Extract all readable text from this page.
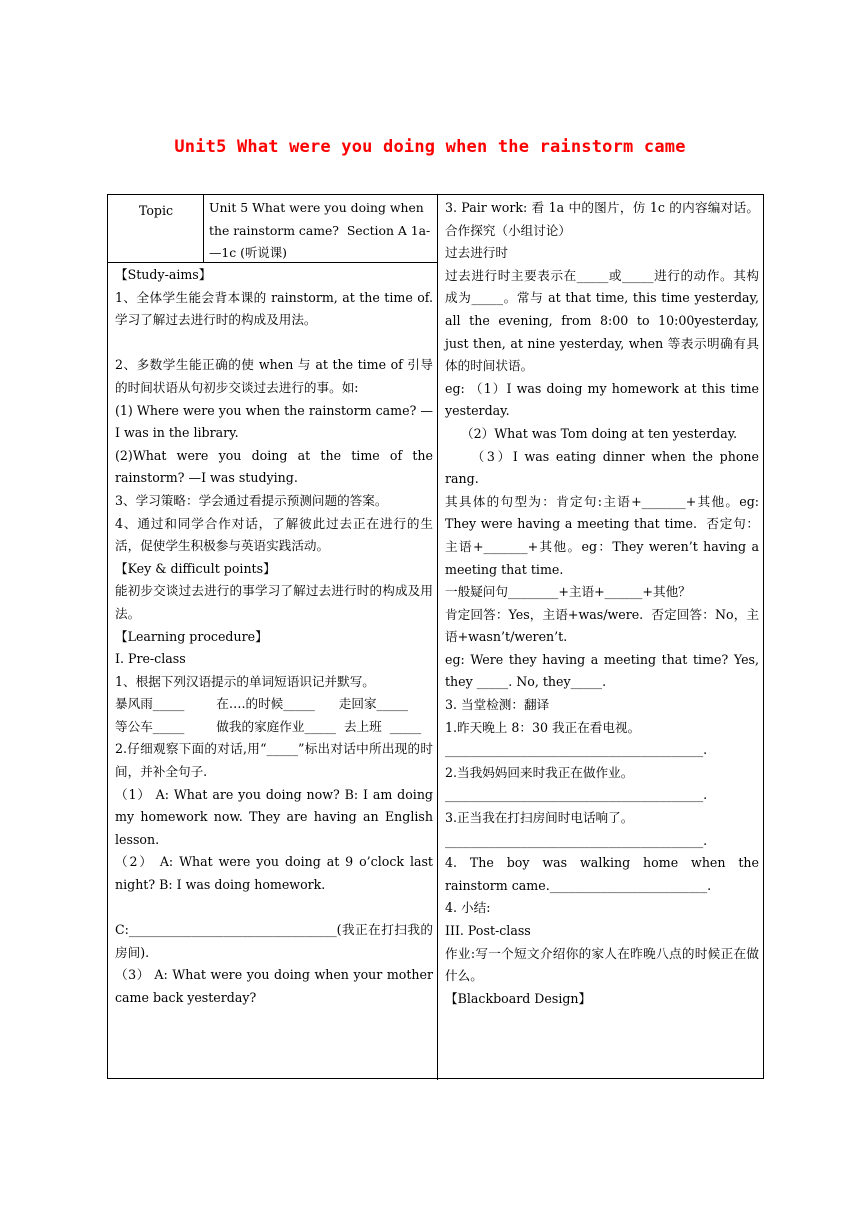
Unit5 What were you doing when the rainstorm came

Topic	Unit 5 What were you doing when the rainstorm came?  Section A 1a-—1c (听说课)

【Study-aims】

1、全体学生能会背本课的 rainstorm, at the time of.学习了解过去进行时的构成及用法。

2、多数学生能正确的使 when 与 at the time of 引导的时间状语从句初步交谈过去进行的事。如:

(1) Where were you when the rainstorm came? —I was in the library.

(2)What were you doing at the time of the rainstorm? —I was studying.

3、学习策略：学会通过看提示预测问题的答案。

4、通过和同学合作对话，了解彼此过去正在进行的生活，促使学生积极参与英语实践活动。

【Key & difficult points】

能初步交谈过去进行的事学习了解过去进行时的构成及用法。

【Learning procedure】

I. Pre-class

1、根据下列汉语提示的单词短语识记并默写。

暴风雨_____        在….的时候_____      走回家_____

等公车_____        做我的家庭作业_____  去上班  _____

2.仔细观察下面的对话,用“_____”标出对话中所出现的时间，并补全句子.

（1） A: What are you doing now? B: I am doing my homework now. They are having an English lesson.

（2） A: What were you doing at 9 o’clock last night? B: I was doing homework.

C:_________________________________(我正在打扫我的房间).

（3） A: What were you doing when your mother came back yesterday?

3. Pair work: 看 1a 中的图片，仿 1c 的内容编对话。合作探究（小组讨论）

过去进行时

过去进行时主要表示在_____或_____进行的动作。其构成为_____。常与 at that time, this time yesterday, all the evening, from 8:00 to 10:00yesterday, just then, at nine yesterday, when 等表示明确有具体的时间状语。

eg: （1）I was doing my homework at this time yesterday.

（2）What was Tom doing at ten yesterday.

（3）I was eating dinner when the phone rang.

其具体的句型为：肯定句:主语+_______+其他。eg: They were having a meeting that time.  否定句：主语+_______+其他。eg：They weren’t having a meeting that time.

一般疑问句________+主语+______+其他？

肯定回答：Yes，主语+was/were.  否定回答：No，主语+wasn’t/weren’t.

eg: Were they having a meeting that time? Yes, they _____. No, they_____.

3. 当堂检测：翻译

1.昨天晚上 8：30 我正在看电视。

_________________________________________.

2.当我妈妈回来时我正在做作业。

_________________________________________.

3.正当我在打扫房间时电话响了。

_________________________________________.

4. The boy was walking home when the rainstorm came._________________________.

4. 小结:

III. Post-class

作业:写一个短文介绍你的家人在昨晚八点的时候正在做什么。

【Blackboard Design】
